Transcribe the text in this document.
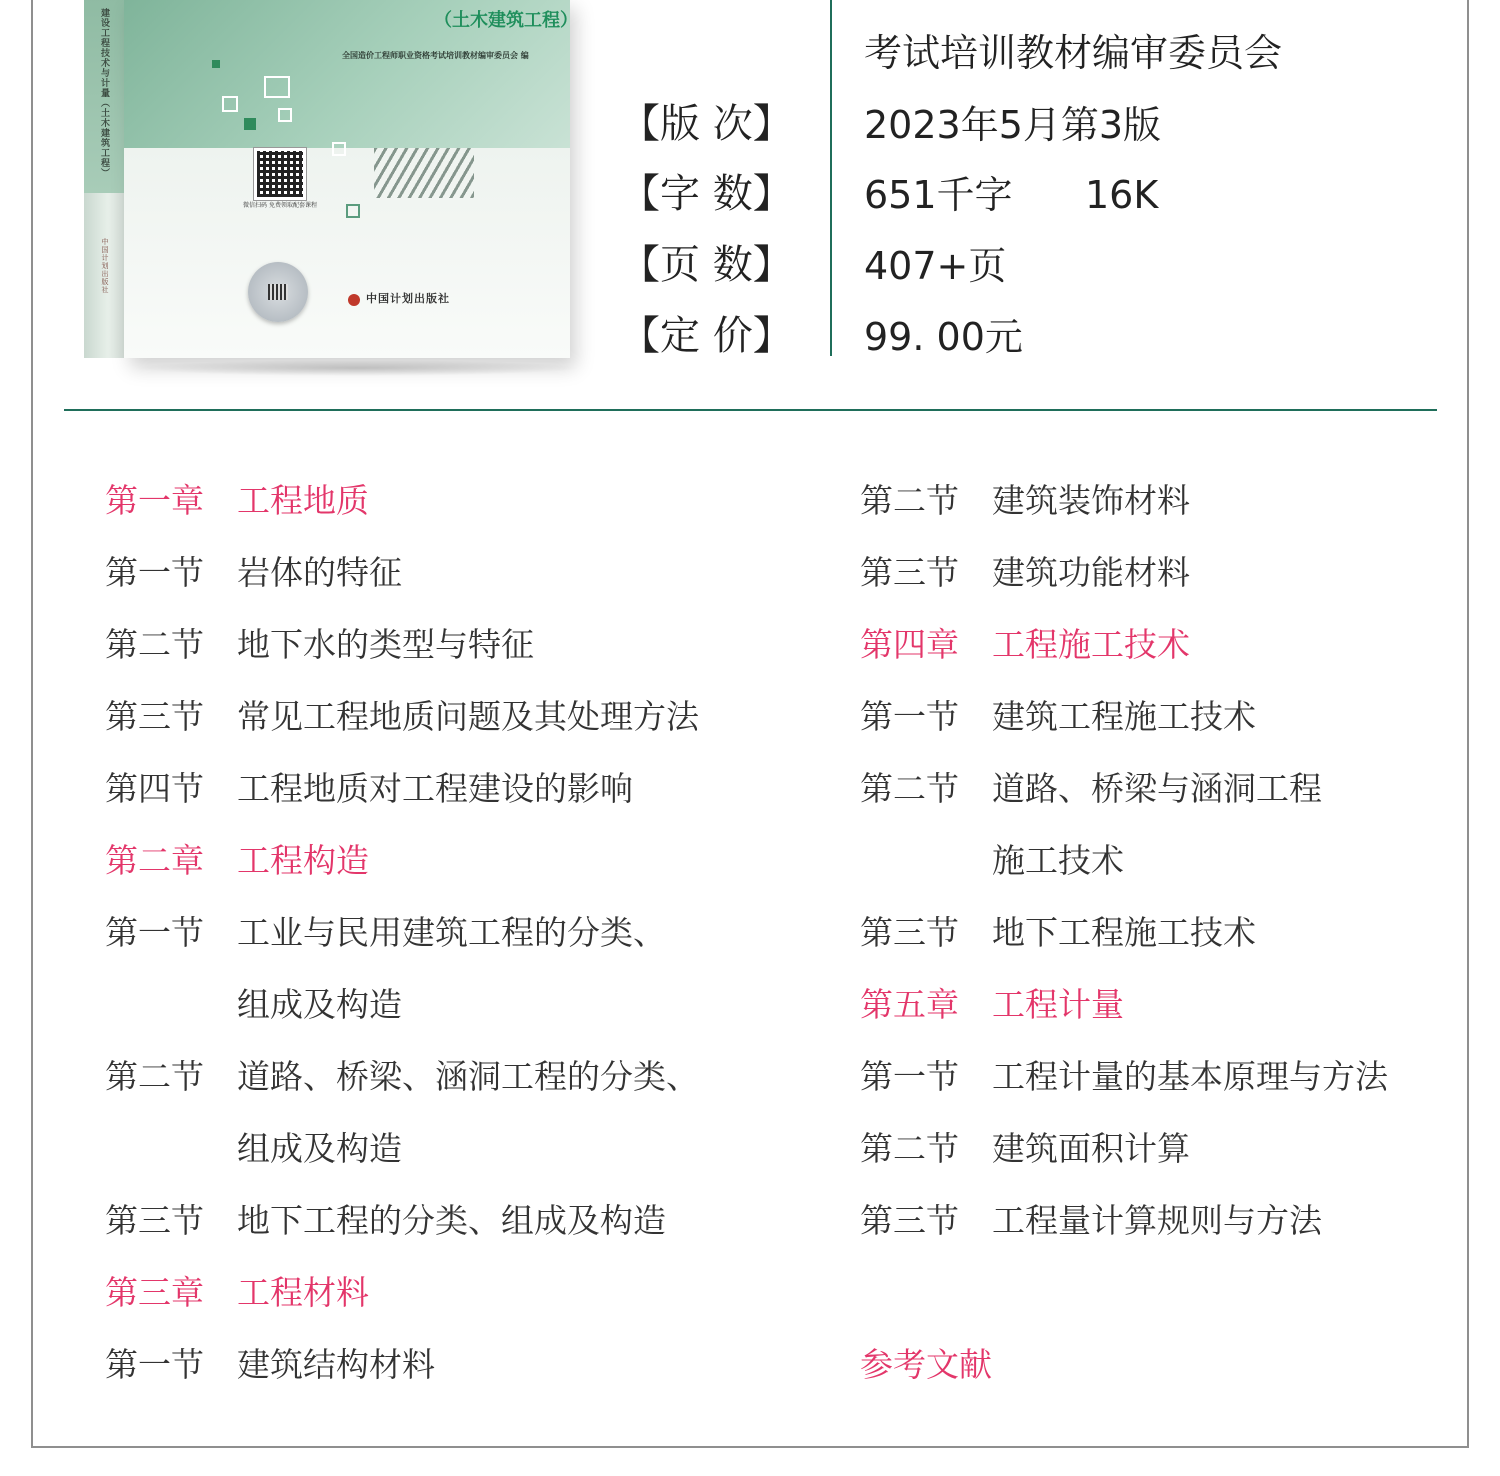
建设工程技术与计量（土木建筑工程）
中国计划出版社
（土木建筑工程）
全国造价工程师职业资格考试培训教材编审委员会 编
微信扫码 免费领取配套课程
中国计划出版社
考试培训教材编审委员会
【版 次】 2023年5月第3版
【字 数】 651千字      16K
【页 数】 407+页
【定 价】 99. 00元
第一章	工程地质
第一节	岩体的特征
第二节	地下水的类型与特征
第三节	常见工程地质问题及其处理方法
第四节	工程地质对工程建设的影响
第二章	工程构造
第一节	工业与民用建筑工程的分类、
组成及构造
第二节	道路、桥梁、涵洞工程的分类、
组成及构造
第三节	地下工程的分类、组成及构造
第三章	工程材料
第一节	建筑结构材料
第二节	建筑装饰材料
第三节	建筑功能材料
第四章	工程施工技术
第一节	建筑工程施工技术
第二节	道路、桥梁与涵洞工程
施工技术
第三节	地下工程施工技术
第五章	工程计量
第一节	工程计量的基本原理与方法
第二节	建筑面积计算
第三节	工程量计算规则与方法
参考文献
